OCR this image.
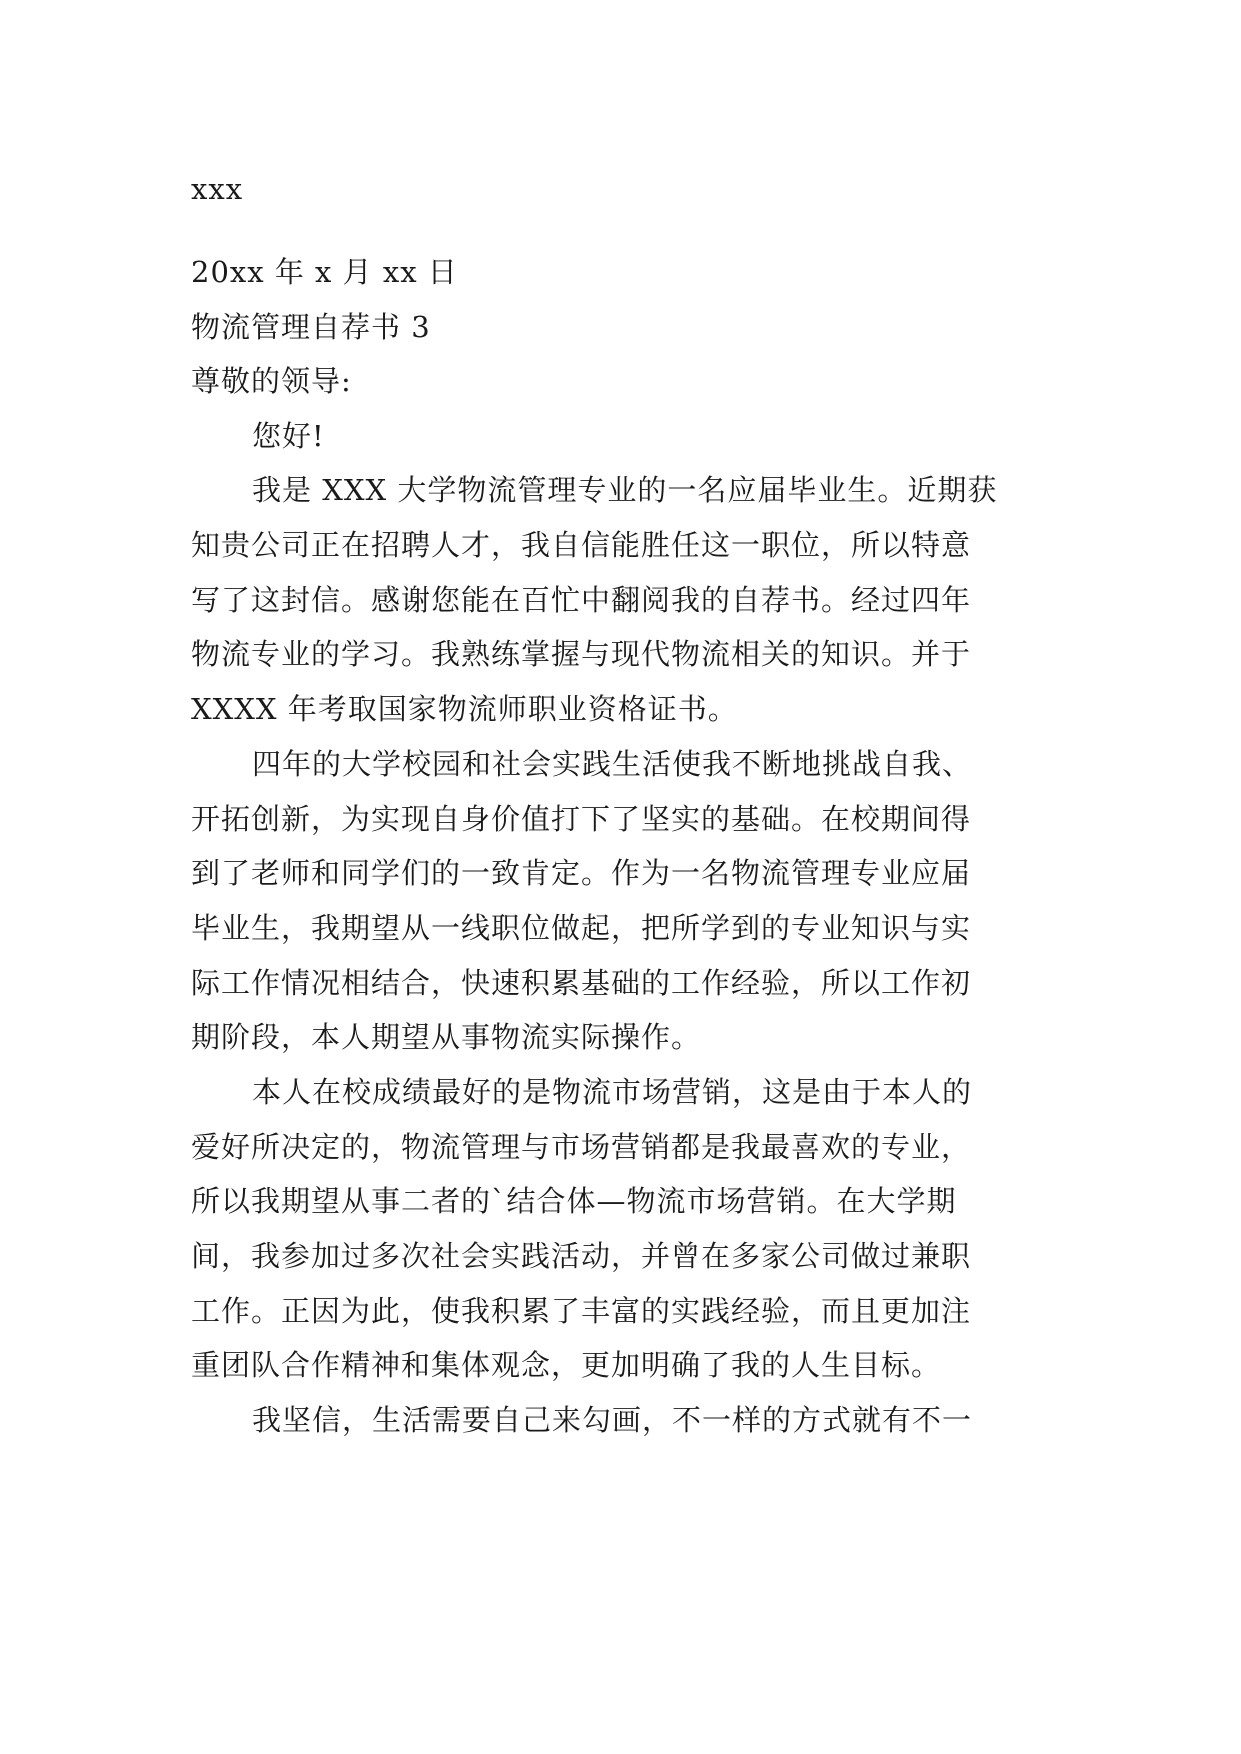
xxx

20xx 年 x 月 xx 日

物流管理自荐书 3

尊敬的领导:

您好!

我是 XXX 大学物流管理专业的一名应届毕业生。近期获

知贵公司正在招聘人才，我自信能胜任这一职位，所以特意

写了这封信。感谢您能在百忙中翻阅我的自荐书。经过四年

物流专业的学习。我熟练掌握与现代物流相关的知识。并于

XXXX 年考取国家物流师职业资格证书。

四年的大学校园和社会实践生活使我不断地挑战自我、

开拓创新，为实现自身价值打下了坚实的基础。在校期间得

到了老师和同学们的一致肯定。作为一名物流管理专业应届

毕业生，我期望从一线职位做起，把所学到的专业知识与实

际工作情况相结合，快速积累基础的工作经验，所以工作初

期阶段，本人期望从事物流实际操作。

本人在校成绩最好的是物流市场营销，这是由于本人的

爱好所决定的，物流管理与市场营销都是我最喜欢的专业，

所以我期望从事二者的`结合体—物流市场营销。在大学期

间，我参加过多次社会实践活动，并曾在多家公司做过兼职

工作。正因为此，使我积累了丰富的实践经验，而且更加注

重团队合作精神和集体观念，更加明确了我的人生目标。

我坚信，生活需要自己来勾画，不一样的方式就有不一
